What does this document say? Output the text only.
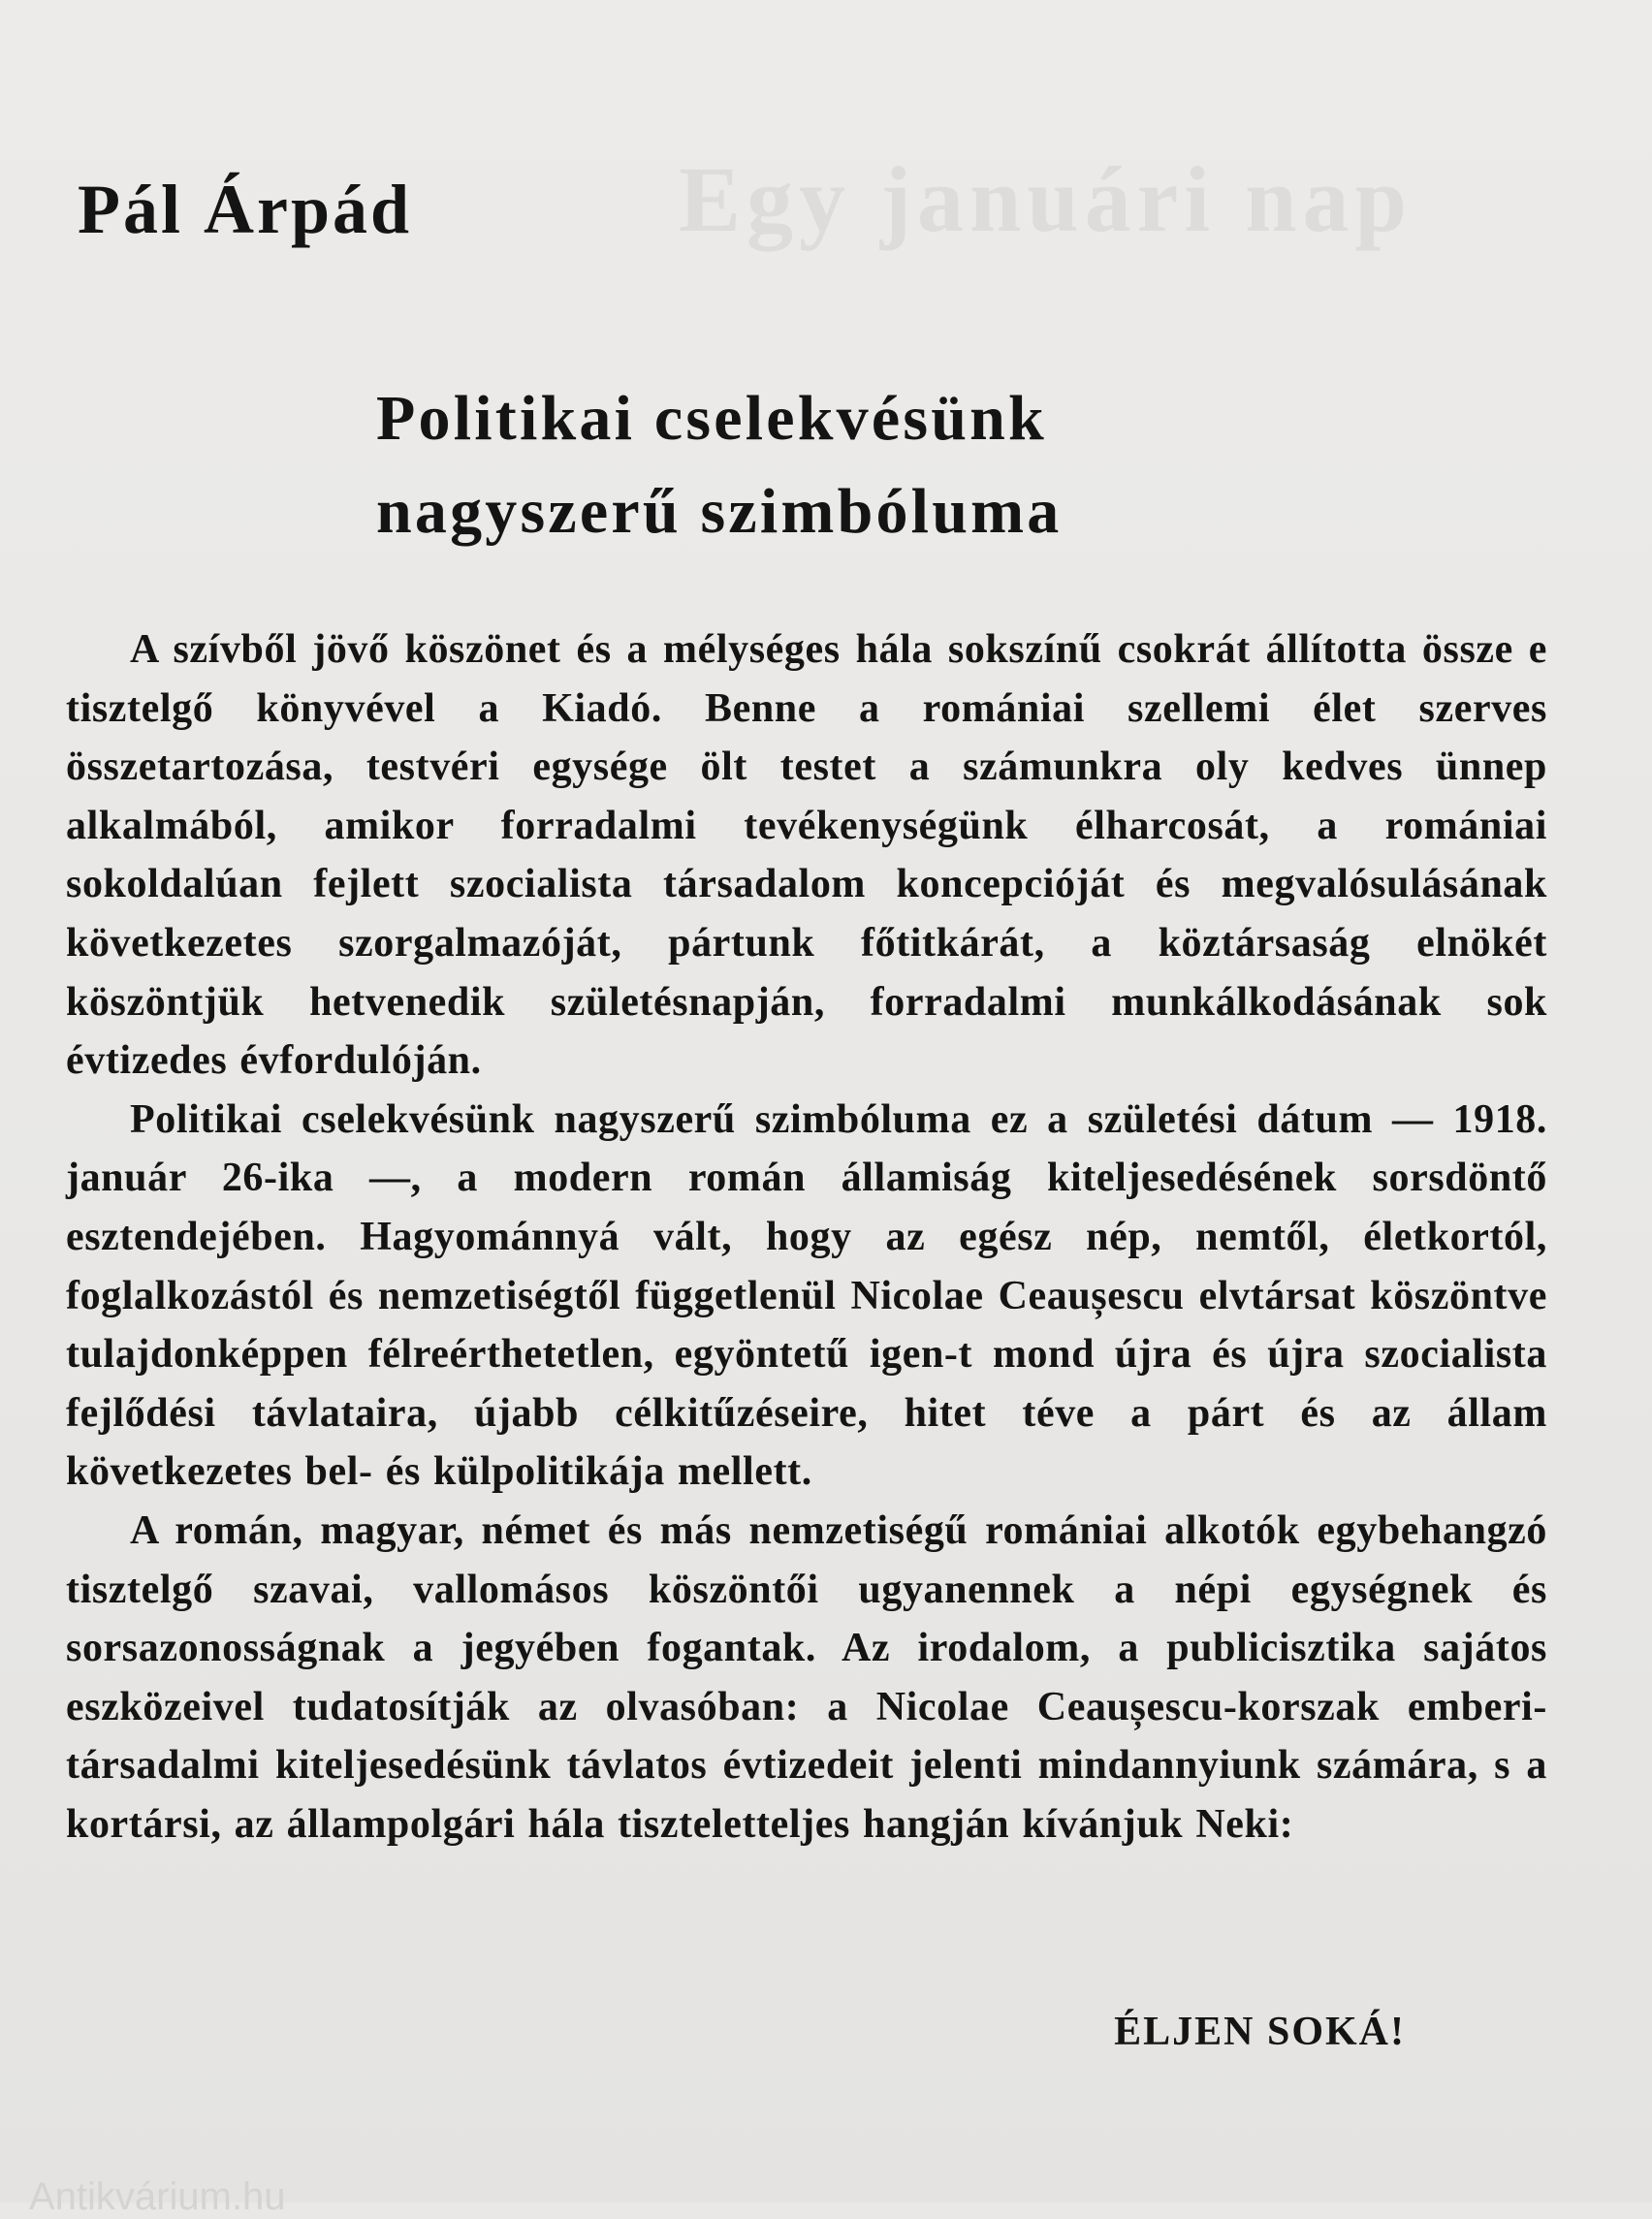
Egy januári nap
Pál Árpád
Politikai cselekvésünk
nagyszerű szimbóluma

A szívből jövő köszönet és a mélységes hála sokszínű csokrát állította össze e tisztelgő könyvével a Kiadó. Benne a romániai szellemi élet szerves összetartozása, testvéri egysége ölt testet a számunkra oly kedves ünnep alkalmából, amikor forradalmi tevékenységünk élharcosát, a romániai sokoldalúan fejlett szocialista társadalom koncepcióját és megvalósulásának következetes szorgalmazóját, pártunk főtitkárát, a köztársaság elnökét köszöntjük hetvenedik születésnapján, forradalmi munkálkodásának sok évtizedes évfordulóján.

Politikai cselekvésünk nagyszerű szimbóluma ez a születési dátum — 1918. január 26-ika —, a modern román államiság kiteljesedésének sorsdöntő esztendejében. Hagyománnyá vált, hogy az egész nép, nemtől, életkortól, foglalkozástól és nemzetiségtől függetlenül Nicolae Ceaușescu elvtársat köszöntve tulajdonképpen félreérthetetlen, egyöntetű igen-t mond újra és újra szocialista fejlődési távlataira, újabb célkitűzéseire, hitet téve a párt és az állam következetes bel- és külpolitikája mellett.

A román, magyar, német és más nemzetiségű romániai alkotók egybehangzó tisztelgő szavai, vallomásos köszöntői ugyanennek a népi egységnek és sorsazonosságnak a jegyében fogantak. Az irodalom, a publicisztika sajátos eszközeivel tudatosítják az olvasóban: a Nicolae Ceaușescu-korszak emberi-társadalmi kiteljesedésünk távlatos évtizedeit jelenti mindannyiunk számára, s a kortársi, az állampolgári hála tiszteletteljes hangján kívánjuk Neki:

ÉLJEN SOKÁ!

Antikvárium.hu
